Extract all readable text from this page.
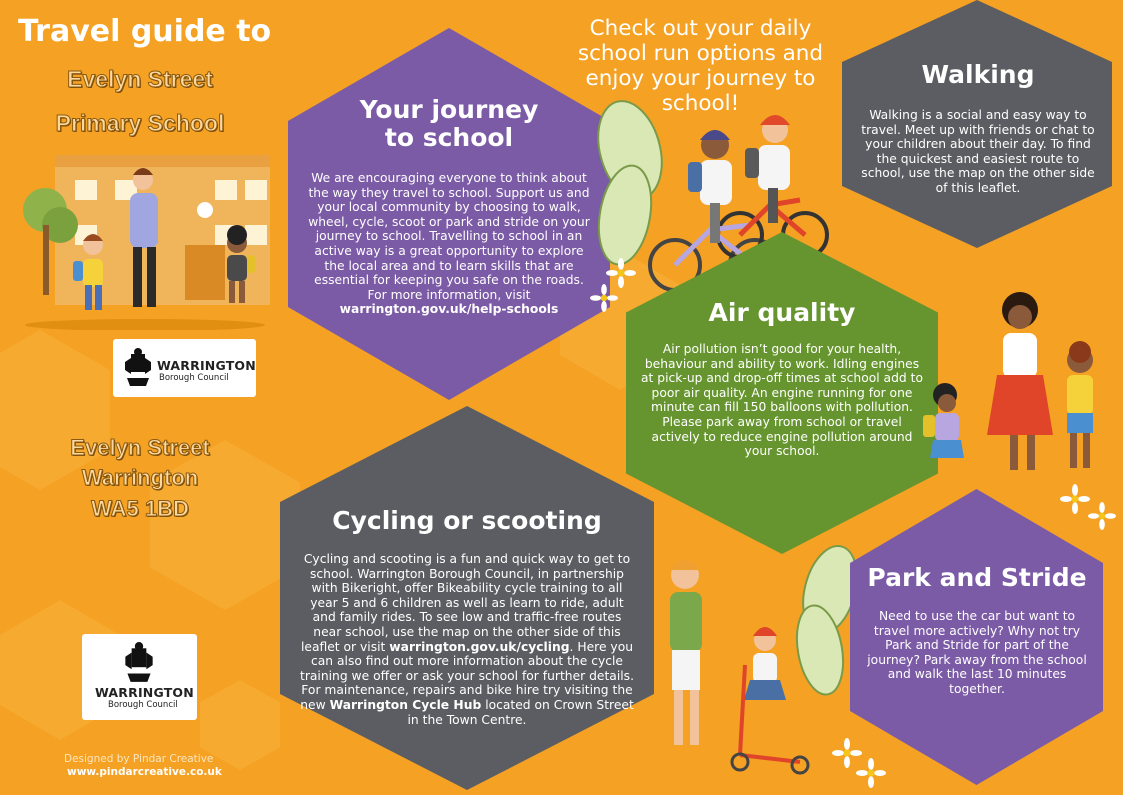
Travel guide to
Evelyn Street
Primary School
WARRINGTON
Borough Council
Evelyn Street
Warrington
WA5 1BD
WARRINGTON
Borough Council
Designed by Pindar Creative
www.pindarcreative.co.uk
Your journey
to school

We are encouraging everyone to think about the way they travel to school. Support us and your local community by choosing to walk, wheel, cycle, scoot or park and stride on your journey to school. Travelling to school in an active way is a great opportunity to explore the local area and to learn skills that are essential for keeping you safe on the roads. For more information, visit

warrington.gov.uk/help-schools

Check out your daily school run options and enjoy your journey to school!
Walking

Walking is a social and easy way to travel. Meet up with friends or chat to your children about their day. To find the quickest and easiest route to school, use the map on the other side of this leaflet.

Air quality

Air pollution isn’t good for your health, behaviour and ability to work. Idling engines at pick-up and drop-off times at school add to poor air quality. An engine running for one minute can fill 150 balloons with pollution. Please park away from school or travel actively to reduce engine pollution around your school.

Cycling or scooting

Cycling and scooting is a fun and quick way to get to school. Warrington Borough Council, in partnership with Bikeright, offer Bikeability cycle training to all year 5 and 6 children as well as learn to ride, adult and family rides. To see low and traffic-free routes near school, use the map on the other side of this leaflet or visit warrington.gov.uk/cycling. Here you can also find out more information about the cycle training we offer or ask your school for further details. For maintenance, repairs and bike hire try visiting the new Warrington Cycle Hub located on Crown Street in the Town Centre.

Park and Stride

Need to use the car but want to travel more actively? Why not try Park and Stride for part of the journey? Park away from the school and walk the last 10 minutes together.
